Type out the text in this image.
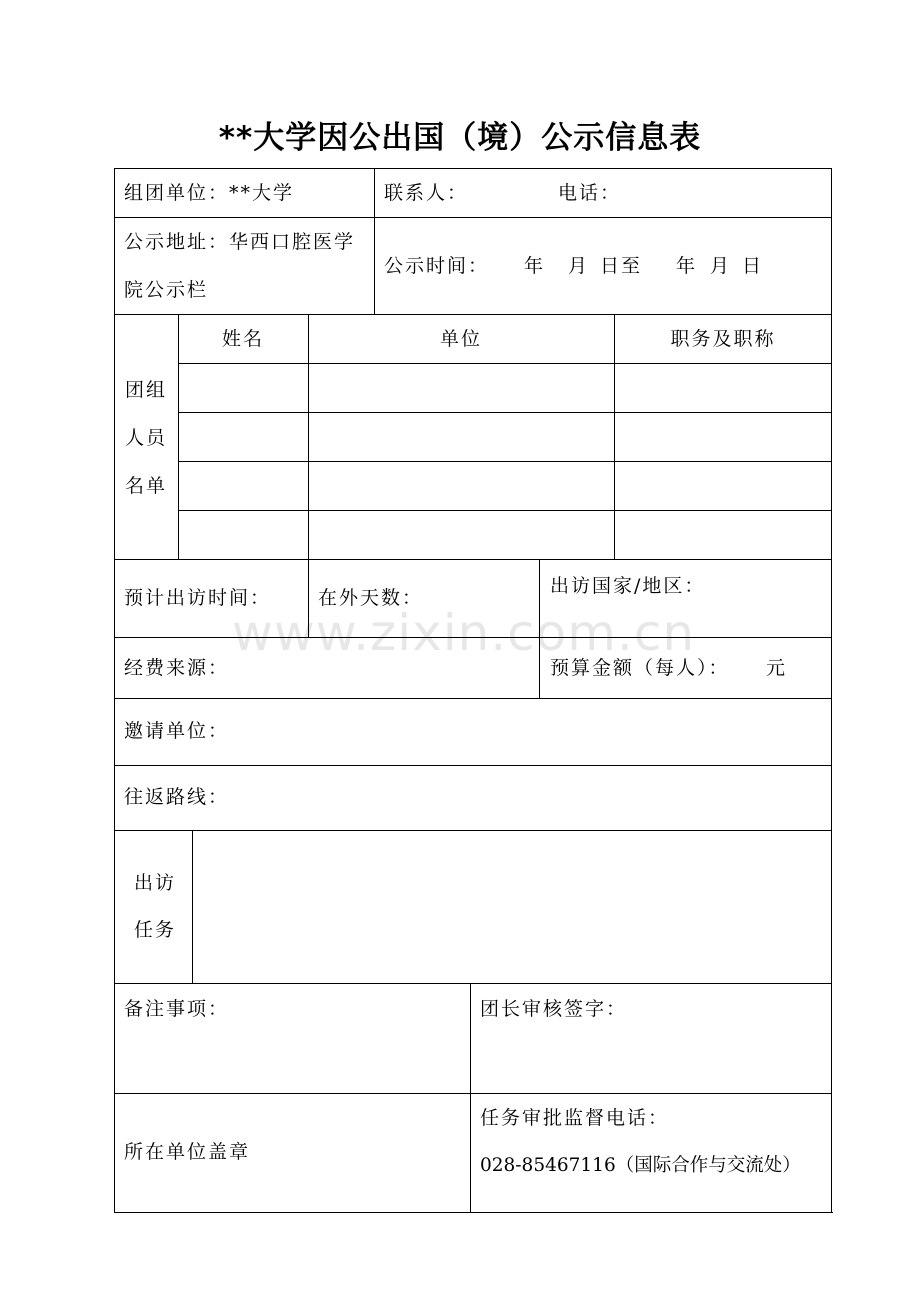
**大学因公出国（境）公示信息表
组团单位：**大学	联系人：	电话：
公示地址：华西口腔医学
院公示栏
公示时间： 年 月 日至 年 月 日
团组
人员
名单
姓名	单位	职务及职称
预计出访时间： 在外天数：
出访国家/地区：
经费来源：	预算金额（每人）： 元
邀请单位：
往返路线：
出访
任务
备注事项：	团长审核签字：
所在单位盖章
任务审批监督电话：
028-85467116（国际合作与交流处）
www.zixin.com.cn
